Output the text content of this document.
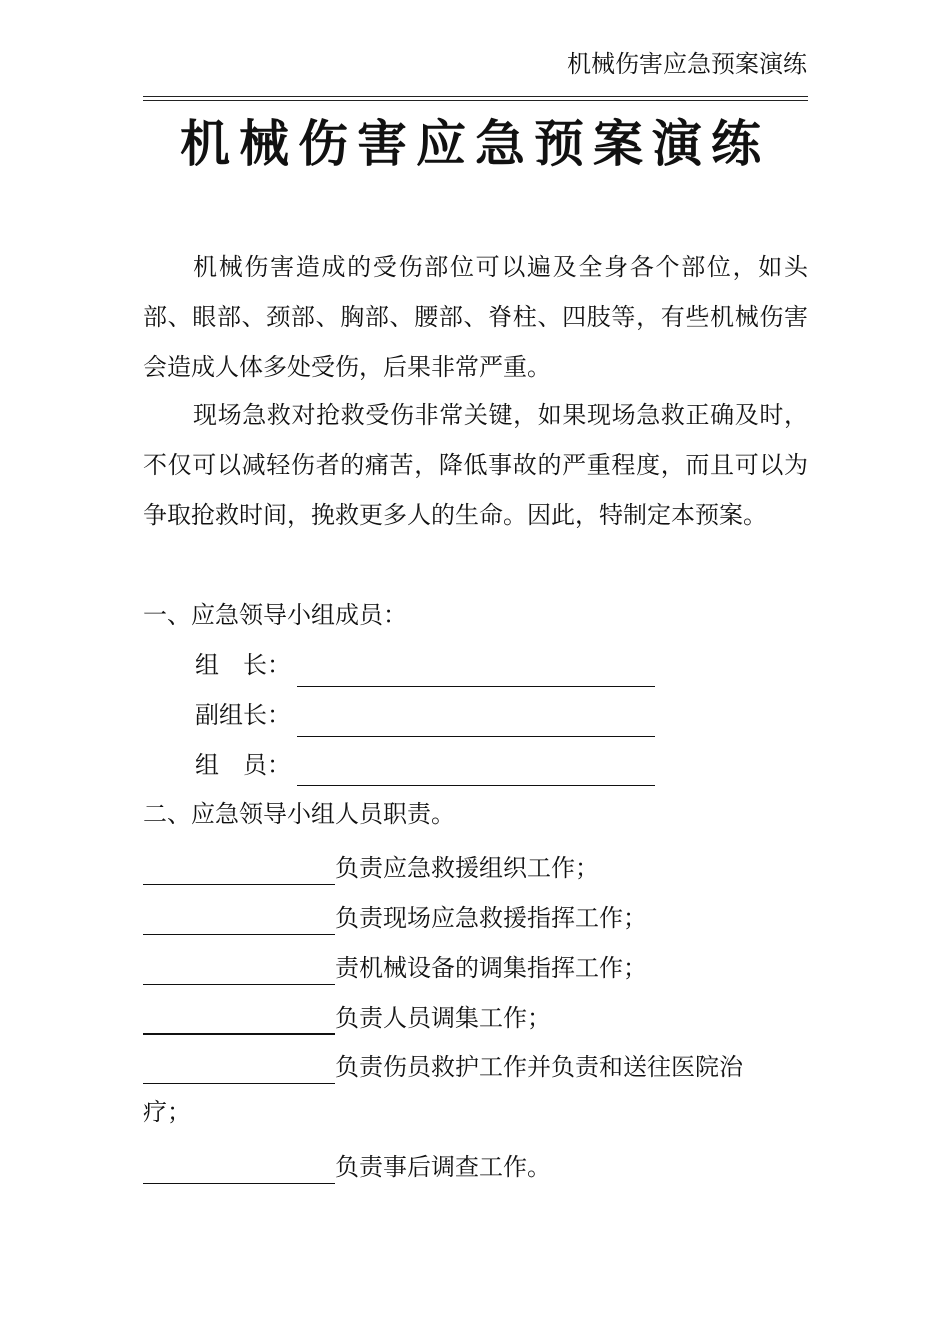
机械伤害应急预案演练
机械伤害应急预案演练

机械伤害造成的受伤部位可以遍及全身各个部位，如头部、眼部、颈部、胸部、腰部、脊柱、四肢等，有些机械伤害会造成人体多处受伤，后果非常严重。

现场急救对抢救受伤非常关键，如果现场急救正确及时，不仅可以减轻伤者的痛苦，降低事故的严重程度，而且可以为争取抢救时间，挽救更多人的生命。因此，特制定本预案。

一、应急领导小组成员：
组　长：
副组长：
组　员：
二、应急领导小组人员职责。
负责应急救援组织工作；
负责现场应急救援指挥工作；
责机械设备的调集指挥工作；
负责人员调集工作；
负责伤员救护工作并负责和送往医院治
疗；
负责事后调查工作。
